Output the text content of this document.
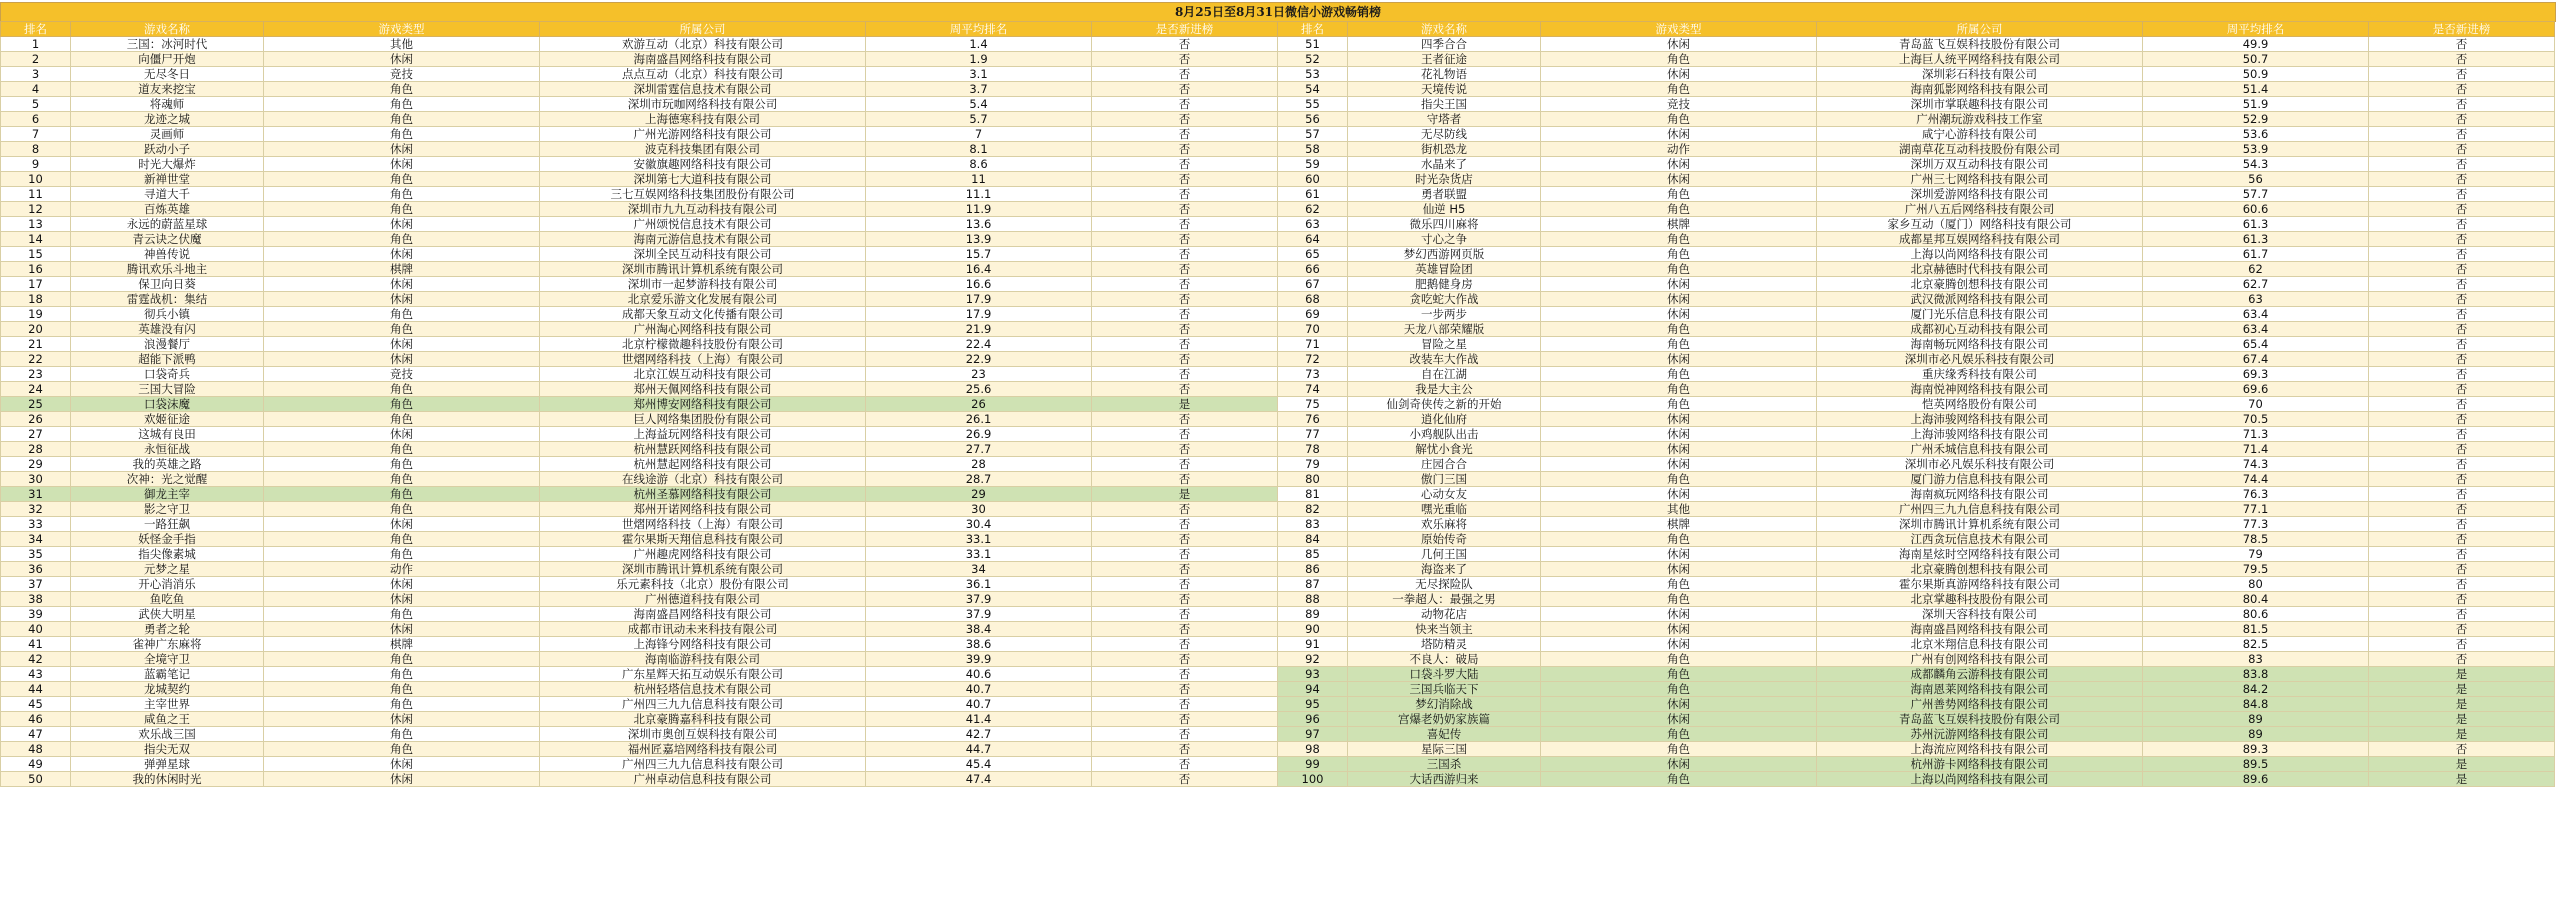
8月25日至8月31日微信小游戏畅销榜
排名	游戏名称	游戏类型	所属公司	周平均排名	是否新进榜
1	三国：冰河时代	其他	欢游互动（北京）科技有限公司	1.4	否
2	向僵尸开炮	休闲	海南盛昌网络科技有限公司	1.9	否
3	无尽冬日	竞技	点点互动（北京）科技有限公司	3.1	否
4	道友来挖宝	角色	深圳雷霆信息技术有限公司	3.7	否
5	将魂师	角色	深圳市玩咖网络科技有限公司	5.4	否
6	龙迹之城	角色	上海德寒科技有限公司	5.7	否
7	灵画师	角色	广州光游网络科技有限公司	7	否
8	跃动小子	休闲	波克科技集团有限公司	8.1	否
9	时光大爆炸	休闲	安徽旗趣网络科技有限公司	8.6	否
10	新禅世堂	角色	深圳第七大道科技有限公司	11	否
11	寻道大千	角色	三七互娱网络科技集团股份有限公司	11.1	否
12	百炼英雄	角色	深圳市九九互动科技有限公司	11.9	否
13	永远的蔚蓝星球	休闲	广州颂悦信息技术有限公司	13.6	否
14	青云诀之伏魔	角色	海南元游信息技术有限公司	13.9	否
15	神兽传说	休闲	深圳全民互动科技有限公司	15.7	否
16	腾讯欢乐斗地主	棋牌	深圳市腾讯计算机系统有限公司	16.4	否
17	保卫向日葵	休闲	深圳市一起梦游科技有限公司	16.6	否
18	雷霆战机：集结	休闲	北京爱乐游文化发展有限公司	17.9	否
19	彻兵小镇	角色	成都天象互动文化传播有限公司	17.9	否
20	英雄没有闪	角色	广州淘心网络科技有限公司	21.9	否
21	浪漫餐厅	休闲	北京柠檬微趣科技股份有限公司	22.4	否
22	超能下派鸭	休闲	世熠网络科技（上海）有限公司	22.9	否
23	口袋奇兵	竞技	北京江娱互动科技有限公司	23	否
24	三国大冒险	角色	郑州天佩网络科技有限公司	25.6	否
25	口袋沫魔	角色	郑州博安网络科技有限公司	26	是
26	欢姬征途	角色	巨人网络集团股份有限公司	26.1	否
27	这城有良田	休闲	上海益玩网络科技有限公司	26.9	否
28	永恒征战	角色	杭州慧跃网络科技有限公司	27.7	否
29	我的英雄之路	角色	杭州慧起网络科技有限公司	28	否
30	次神：光之觉醒	角色	在线途游（北京）科技有限公司	28.7	否
31	御龙主宰	角色	杭州圣慕网络科技有限公司	29	是
32	影之守卫	角色	郑州开诺网络科技有限公司	30	否
33	一路狂飙	休闲	世熠网络科技（上海）有限公司	30.4	否
34	妖怪金手指	角色	霍尔果斯天翔信息科技有限公司	33.1	否
35	指尖像素城	角色	广州趣虎网络科技有限公司	33.1	否
36	元梦之星	动作	深圳市腾讯计算机系统有限公司	34	否
37	开心消消乐	休闲	乐元素科技（北京）股份有限公司	36.1	否
38	鱼吃鱼	休闲	广州德道科技有限公司	37.9	否
39	武侠大明星	角色	海南盛昌网络科技有限公司	37.9	否
40	勇者之轮	休闲	成都市讯动未来科技有限公司	38.4	否
41	雀神广东麻将	棋牌	上海锋兮网络科技有限公司	38.6	否
42	全境守卫	角色	海南临游科技有限公司	39.9	否
43	蓝霸笔记	角色	广东星辉天拓互动娱乐有限公司	40.6	否
44	龙城契约	角色	杭州轻塔信息技术有限公司	40.7	否
45	主宰世界	角色	广州四三九九信息科技有限公司	40.7	否
46	咸鱼之王	休闲	北京豪腾嘉科科技有限公司	41.4	否
47	欢乐战三国	角色	深圳市奥创互娱科技有限公司	42.7	否
48	指尖无双	角色	福州匠嘉培网络科技有限公司	44.7	否
49	弹弹星球	休闲	广州四三九九信息科技有限公司	45.4	否
50	我的休闲时光	休闲	广州卓动信息科技有限公司	47.4	否
排名	游戏名称	游戏类型	所属公司	周平均排名	是否新进榜
51	四季合合	休闲	青岛蓝飞互娱科技股份有限公司	49.9	否
52	王者征途	角色	上海巨人统平网络科技有限公司	50.7	否
53	花礼物语	休闲	深圳彩石科技有限公司	50.9	否
54	天境传说	角色	海南狐影网络科技有限公司	51.4	否
55	指尖王国	竞技	深圳市掌联趣科技有限公司	51.9	否
56	守塔者	角色	广州潮玩游戏科技工作室	52.9	否
57	无尽防线	休闲	咸宁心游科技有限公司	53.6	否
58	街机恐龙	动作	湖南草花互动科技股份有限公司	53.9	否
59	水晶来了	休闲	深圳万双互动科技有限公司	54.3	否
60	时光杂货店	休闲	广州三七网络科技有限公司	56	否
61	勇者联盟	角色	深圳爱游网络科技有限公司	57.7	否
62	仙逆 H5	角色	广州八五后网络科技有限公司	60.6	否
63	微乐四川麻将	棋牌	家乡互动（厦门）网络科技有限公司	61.3	否
64	寸心之争	角色	成都星邦互娱网络科技有限公司	61.3	否
65	梦幻西游网页版	角色	上海以尚网络科技有限公司	61.7	否
66	英雄冒险团	角色	北京赫德时代科技有限公司	62	否
67	肥鹅健身房	休闲	北京豪腾创想科技有限公司	62.7	否
68	贪吃蛇大作战	休闲	武汉微派网络科技有限公司	63	否
69	一步两步	休闲	厦门光乐信息科技有限公司	63.4	否
70	天龙八部荣耀版	角色	成都初心互动科技有限公司	63.4	否
71	冒险之星	角色	海南畅玩网络科技有限公司	65.4	否
72	改装车大作战	休闲	深圳市必凡娱乐科技有限公司	67.4	否
73	自在江湖	角色	重庆缘秀科技有限公司	69.3	否
74	我是大主公	角色	海南悦神网络科技有限公司	69.6	否
75	仙剑奇侠传之新的开始	角色	恺英网络股份有限公司	70	否
76	逍化仙府	休闲	上海沛骏网络科技有限公司	70.5	否
77	小鸡舰队出击	休闲	上海沛骏网络科技有限公司	71.3	否
78	解忧小食光	休闲	广州禾城信息科技有限公司	71.4	否
79	庄园合合	休闲	深圳市必凡娱乐科技有限公司	74.3	否
80	傲门三国	角色	厦门游力信息科技有限公司	74.4	否
81	心动女友	休闲	海南疯玩网络科技有限公司	76.3	否
82	嘿光重临	其他	广州四三九九信息科技有限公司	77.1	否
83	欢乐麻将	棋牌	深圳市腾讯计算机系统有限公司	77.3	否
84	原始传奇	角色	江西贪玩信息技术有限公司	78.5	否
85	几何王国	休闲	海南星炫时空网络科技有限公司	79	否
86	海盗来了	休闲	北京豪腾创想科技有限公司	79.5	否
87	无尽探险队	角色	霍尔果斯真游网络科技有限公司	80	否
88	一拳超人：最强之男	角色	北京掌趣科技股份有限公司	80.4	否
89	动物花店	休闲	深圳天容科技有限公司	80.6	否
90	快来当领主	休闲	海南盛昌网络科技有限公司	81.5	否
91	塔防精灵	休闲	北京米翔信息科技有限公司	82.5	否
92	不良人：破局	角色	广州有创网络科技有限公司	83	否
93	口袋斗罗大陆	角色	成都麟角云游科技有限公司	83.8	是
94	三国兵临天下	角色	海南恩莱网络科技有限公司	84.2	是
95	梦幻消除战	休闲	广州善势网络科技有限公司	84.8	是
96	宫爆老奶奶家族篇	休闲	青岛蓝飞互娱科技股份有限公司	89	是
97	喜妃传	角色	苏州沅游网络科技有限公司	89	是
98	星际三国	角色	上海流应网络科技有限公司	89.3	否
99	三国杀	休闲	杭州游卡网络科技有限公司	89.5	是
100	大话西游归来	角色	上海以尚网络科技有限公司	89.6	是
